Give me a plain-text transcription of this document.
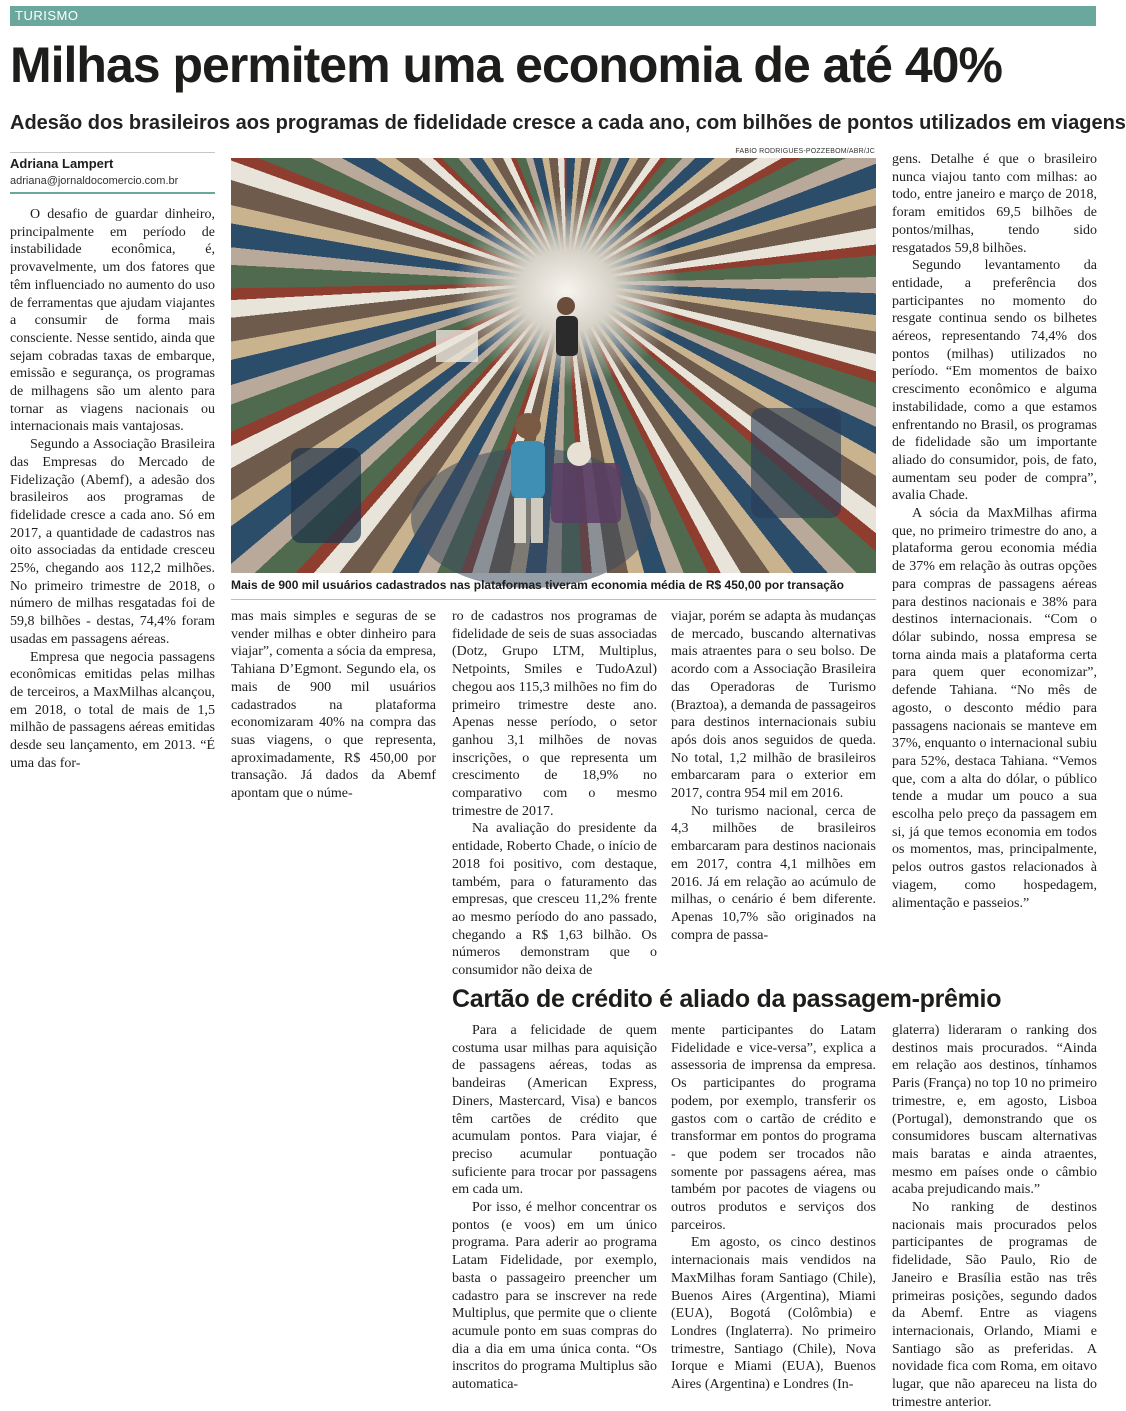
TURISMO
Milhas permitem uma economia de até 40%
Adesão dos brasileiros aos programas de fidelidade cresce a cada ano, com bilhões de pontos utilizados em viagens
Adriana Lampert
adriana@jornaldocomercio.com.br

O desafio de guardar dinheiro, principalmente em período de instabilidade econômica, é, provavelmente, um dos fatores que têm influenciado no aumento do uso de ferramentas que ajudam viajantes a consumir de forma mais consciente. Nesse sentido, ainda que sejam cobradas taxas de embarque, emissão e segurança, os programas de milhagens são um alento para tornar as viagens nacionais ou internacionais mais vantajosas.

Segundo a Associação Brasileira das Empresas do Mercado de Fidelização (Abemf), a adesão dos brasileiros aos programas de fidelidade cresce a cada ano. Só em 2017, a quantidade de cadastros nas oito associadas da entidade cresceu 25%, chegando aos 112,2 milhões. No primeiro trimestre de 2018, o número de milhas resgatadas foi de 59,8 bilhões - destas, 74,4% foram usadas em passagens aéreas.

Empresa que negocia passagens econômicas emitidas pelas milhas de terceiros, a MaxMilhas alcançou, em 2018, o total de mais de 1,5 milhão de passagens aéreas emitidas desde seu lançamento, em 2013. “É uma das for-

FABIO RODRIGUES-POZZEBOM/ABR/JC
Mais de 900 mil usuários cadastrados nas plataformas tiveram economia média de R$ 450,00 por transação

mas mais simples e seguras de se vender milhas e obter dinheiro para viajar”, comenta a sócia da empresa, Tahiana D’Egmont. Segundo ela, os mais de 900 mil usuários cadastrados na plataforma economizaram 40% na compra das suas viagens, o que representa, aproximadamente, R$ 450,00 por transação. Já dados da Abemf apontam que o núme-

ro de cadastros nos programas de fidelidade de seis de suas associadas (Dotz, Grupo LTM, Multiplus, Netpoints, Smiles e TudoAzul) chegou aos 115,3 milhões no fim do primeiro trimestre deste ano. Apenas nesse período, o setor ganhou 3,1 milhões de novas inscrições, o que representa um crescimento de 18,9% no comparativo com o mesmo trimestre de 2017.

Na avaliação do presidente da entidade, Roberto Chade, o início de 2018 foi positivo, com destaque, também, para o faturamento das empresas, que cresceu 11,2% frente ao mesmo período do ano passado, chegando a R$ 1,63 bilhão. Os números demonstram que o consumidor não deixa de

viajar, porém se adapta às mudanças de mercado, buscando alternativas mais atraentes para o seu bolso. De acordo com a Associação Brasileira das Operadoras de Turismo (Braztoa), a demanda de passageiros para destinos internacionais subiu após dois anos seguidos de queda. No total, 1,2 milhão de brasileiros embarcaram para o exterior em 2017, contra 954 mil em 2016.

No turismo nacional, cerca de 4,3 milhões de brasileiros embarcaram para destinos nacionais em 2017, contra 4,1 milhões em 2016. Já em relação ao acúmulo de milhas, o cenário é bem diferente. Apenas 10,7% são originados na compra de passa-

gens. Detalhe é que o brasileiro nunca viajou tanto com milhas: ao todo, entre janeiro e março de 2018, foram emitidos 69,5 bilhões de pontos/milhas, tendo sido resgatados 59,8 bilhões.

Segundo levantamento da entidade, a preferência dos participantes no momento do resgate continua sendo os bilhetes aéreos, representando 74,4% dos pontos (milhas) utilizados no período. “Em momentos de baixo crescimento econômico e alguma instabilidade, como a que estamos enfrentando no Brasil, os programas de fidelidade são um importante aliado do consumidor, pois, de fato, aumentam seu poder de compra”, avalia Chade.

A sócia da MaxMilhas afirma que, no primeiro trimestre do ano, a plataforma gerou economia média de 37% em relação às outras opções para compras de passagens aéreas para destinos nacionais e 38% para destinos internacionais. “Com o dólar subindo, nossa empresa se torna ainda mais a plataforma certa para quem quer economizar”, defende Tahiana. “No mês de agosto, o desconto médio para passagens nacionais se manteve em 37%, enquanto o internacional subiu para 52%, destaca Tahiana. “Vemos que, com a alta do dólar, o público tende a mudar um pouco a sua escolha pelo preço da passagem em si, já que temos economia em todos os momentos, mas, principalmente, pelos outros gastos relacionados à viagem, como hospedagem, alimentação e passeios.”

Cartão de crédito é aliado da passagem-prêmio

Para a felicidade de quem costuma usar milhas para aquisição de passagens aéreas, todas as bandeiras (American Express, Diners, Mastercard, Visa) e bancos têm cartões de crédito que acumulam pontos. Para viajar, é preciso acumular pontuação suficiente para trocar por passagens em cada um.

Por isso, é melhor concentrar os pontos (e voos) em um único programa. Para aderir ao programa Latam Fidelidade, por exemplo, basta o passageiro preencher um cadastro para se inscrever na rede Multiplus, que permite que o cliente acumule ponto em suas compras do dia a dia em uma única conta. “Os inscritos do programa Multiplus são automatica-

mente participantes do Latam Fidelidade e vice-versa”, explica a assessoria de imprensa da empresa. Os participantes do programa podem, por exemplo, transferir os gastos com o cartão de crédito e transformar em pontos do programa - que podem ser trocados não somente por passagens aérea, mas também por pacotes de viagens ou outros produtos e serviços dos parceiros.

Em agosto, os cinco destinos internacionais mais vendidos na MaxMilhas foram Santiago (Chile), Buenos Aires (Argentina), Miami (EUA), Bogotá (Colômbia) e Londres (Inglaterra). No primeiro trimestre, Santiago (Chile), Nova Iorque e Miami (EUA), Buenos Aires (Argentina) e Londres (In-

glaterra) lideraram o ranking dos destinos mais procurados. “Ainda em relação aos destinos, tínhamos Paris (França) no top 10 no primeiro trimestre, e, em agosto, Lisboa (Portugal), demonstrando que os consumidores buscam alternativas mais baratas e ainda atraentes, mesmo em países onde o câmbio acaba prejudicando mais.”

No ranking de destinos nacionais mais procurados pelos participantes de programas de fidelidade, São Paulo, Rio de Janeiro e Brasília estão nas três primeiras posições, segundo dados da Abemf. Entre as viagens internacionais, Orlando, Miami e Santiago são as preferidas. A novidade fica com Roma, em oitavo lugar, que não apareceu na lista do trimestre anterior.
